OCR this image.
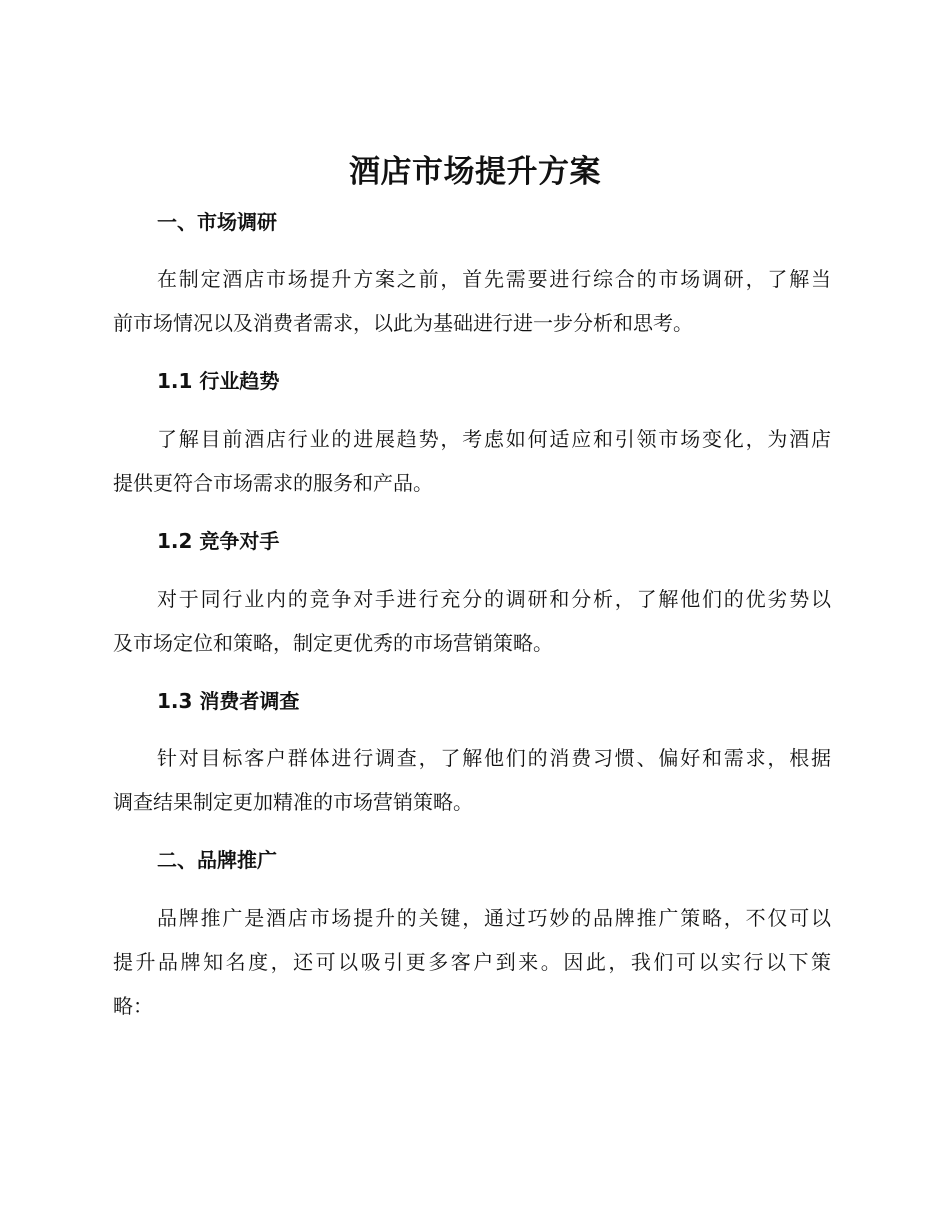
酒店市场提升方案
一、市场调研
在制定酒店市场提升方案之前，首先需要进行综合的市场调研，了解当
前市场情况以及消费者需求，以此为基础进行进一步分析和思考。
1.1 行业趋势
了解目前酒店行业的进展趋势，考虑如何适应和引领市场变化，为酒店
提供更符合市场需求的服务和产品。
1.2 竞争对手
对于同行业内的竞争对手进行充分的调研和分析，了解他们的优劣势以
及市场定位和策略，制定更优秀的市场营销策略。
1.3 消费者调查
针对目标客户群体进行调查，了解他们的消费习惯、偏好和需求，根据
调查结果制定更加精准的市场营销策略。
二、品牌推广
品牌推广是酒店市场提升的关键，通过巧妙的品牌推广策略，不仅可以
提升品牌知名度，还可以吸引更多客户到来。因此，我们可以实行以下策
略：
